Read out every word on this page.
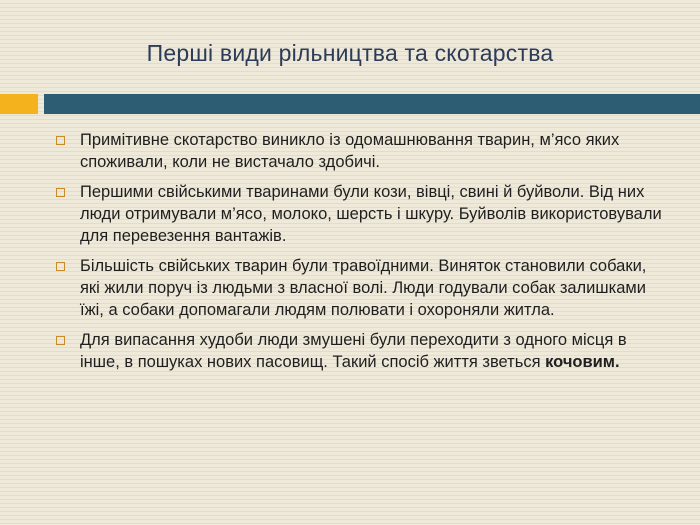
Перші види рільництва та скотарства
Примітивне скотарство виникло із одомашнювання тварин, м’ясо яких споживали, коли не вистачало здобичі.
Першими свійськими тваринами були кози, вівці, свині й буйволи. Від них люди отримували м’ясо, молоко, шерсть і шкуру. Буйволів використовували для перевезення вантажів.
Більшість свійських тварин були травоїдними. Виняток становили собаки, які жили поруч із людьми з власної волі. Люди годували собак залишками їжі, а собаки допомагали людям полювати і охороняли житла.
Для випасання худоби люди змушені були переходити з одного місця в інше, в пошуках нових пасовищ. Такий спосіб життя зветься кочовим.
